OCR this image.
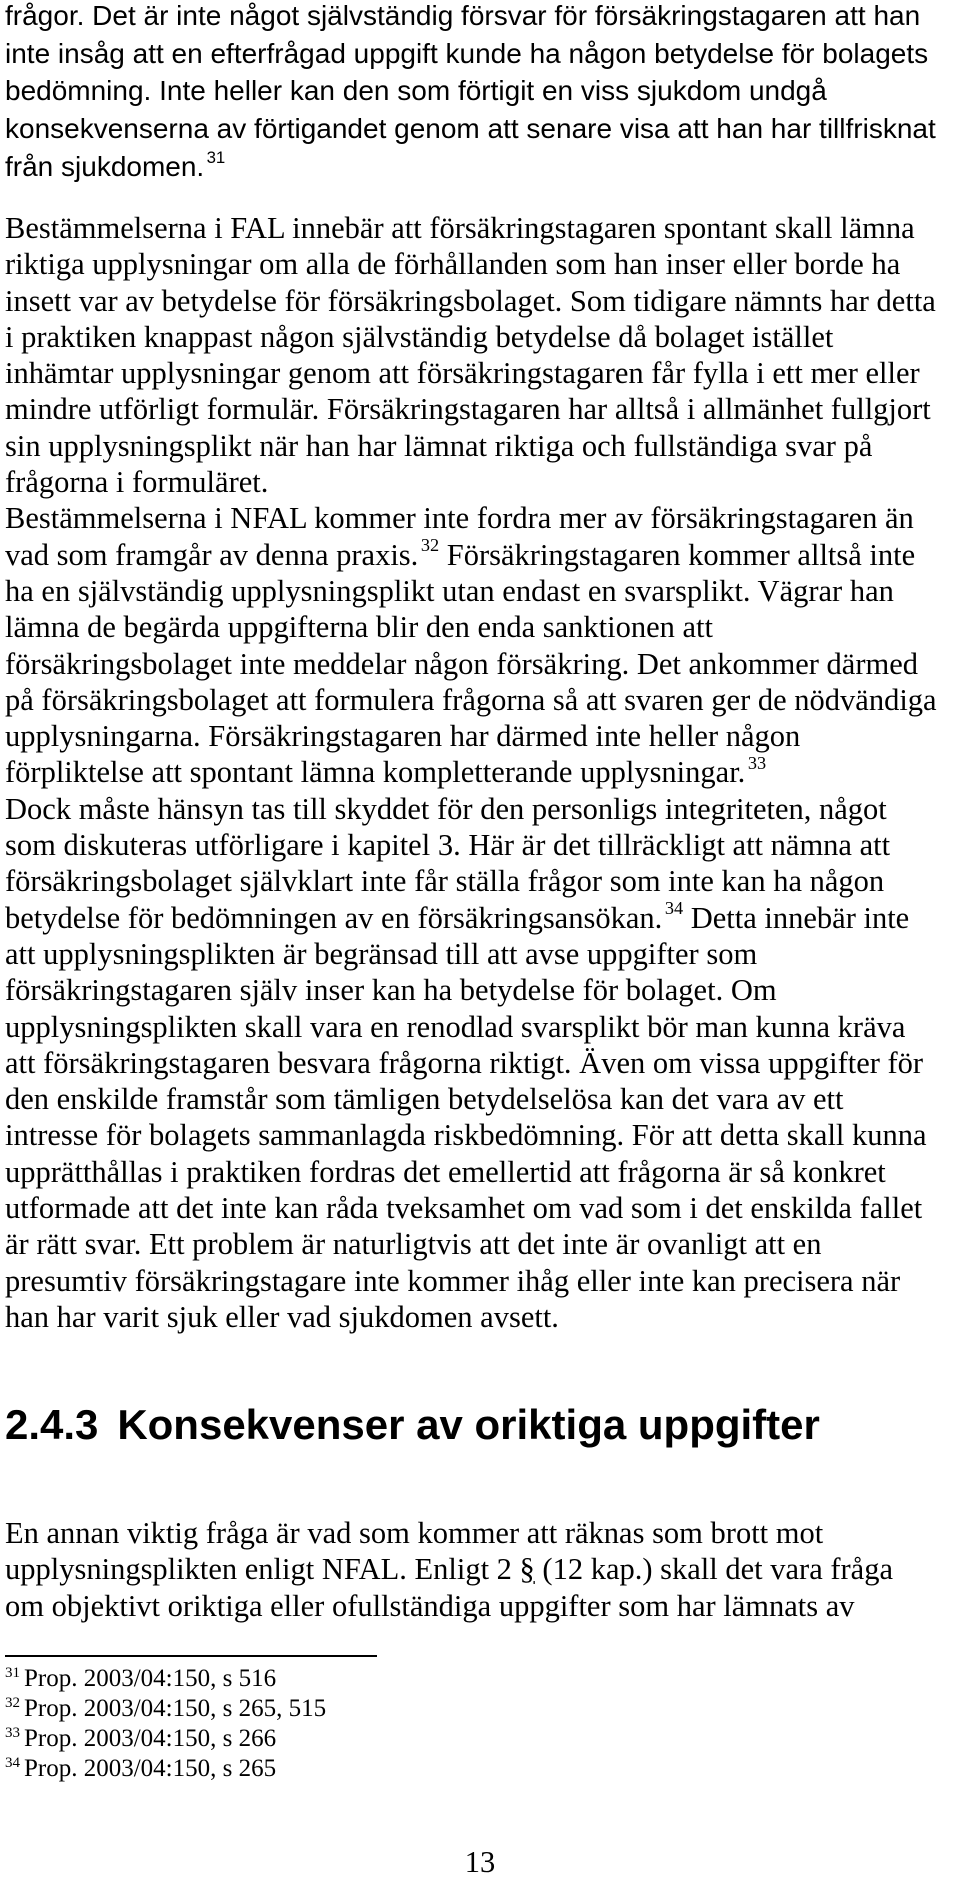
frågor. Det är inte något självständig försvar för försäkringstagaren att han
inte insåg att en efterfrågad uppgift kunde ha någon betydelse för bolagets
bedömning. Inte heller kan den som förtigit en viss sjukdom undgå
konsekvenserna av förtigandet genom att senare visa att han har tillfrisknat
från sjukdomen. $^{31}$
Bestämmelserna i FAL innebär att försäkringstagaren spontant skall lämna
riktiga upplysningar om alla de förhållanden som han inser eller borde ha
insett var av betydelse för försäkringsbolaget. Som tidigare nämnts har detta
i praktiken knappast någon självständig betydelse då bolaget istället
inhämtar upplysningar genom att försäkringstagaren får fylla i ett mer eller
mindre utförligt formulär. Försäkringstagaren har alltså i allmänhet fullgjort
sin upplysningsplikt när han har lämnat riktiga och fullständiga svar på
frågorna i formuläret.
Bestämmelserna i NFAL kommer inte fordra mer av försäkringstagaren än
vad som framgår av denna praxis. $^{32}$ Försäkringstagaren kommer alltså inte
ha en självständig upplysningsplikt utan endast en svarsplikt. Vägrar han
lämna de begärda uppgifterna blir den enda sanktionen att
försäkringsbolaget inte meddelar någon försäkring. Det ankommer därmed
på försäkringsbolaget att formulera frågorna så att svaren ger de nödvändiga
upplysningarna. Försäkringstagaren har därmed inte heller någon
förpliktelse att spontant lämna kompletterande upplysningar. $^{33}$
Dock måste hänsyn tas till skyddet för den personligs integriteten, något
som diskuteras utförligare i kapitel 3. Här är det tillräckligt att nämna att
försäkringsbolaget självklart inte får ställa frågor som inte kan ha någon
betydelse för bedömningen av en försäkringsansökan. $^{34}$ Detta innebär inte
att upplysningsplikten är begränsad till att avse uppgifter som
försäkringstagaren själv inser kan ha betydelse för bolaget. Om
upplysningsplikten skall vara en renodlad svarsplikt bör man kunna kräva
att försäkringstagaren besvara frågorna riktigt. Även om vissa uppgifter för
den enskilde framstår som tämligen betydelselösa kan det vara av ett
intresse för bolagets sammanlagda riskbedömning. För att detta skall kunna
upprätthållas i praktiken fordras det emellertid att frågorna är så konkret
utformade att det inte kan råda tveksamhet om vad som i det enskilda fallet
är rätt svar. Ett problem är naturligtvis att det inte är ovanligt att en
presumtiv försäkringstagare inte kommer ihåg eller inte kan precisera när
han har varit sjuk eller vad sjukdomen avsett.
2.4.3 Konsekvenser av oriktiga uppgifter
En annan viktig fråga är vad som kommer att räknas som brott mot
upplysningsplikten enligt NFAL. Enligt 2 § (12 kap.) skall det vara fråga
om objektivt oriktiga eller ofullständiga uppgifter som har lämnats av
$^{31}$ Prop. 2003/04:150, s 516
$^{32}$ Prop. 2003/04:150, s 265, 515
$^{33}$ Prop. 2003/04:150, s 266
$^{34}$ Prop. 2003/04:150, s 265
13
